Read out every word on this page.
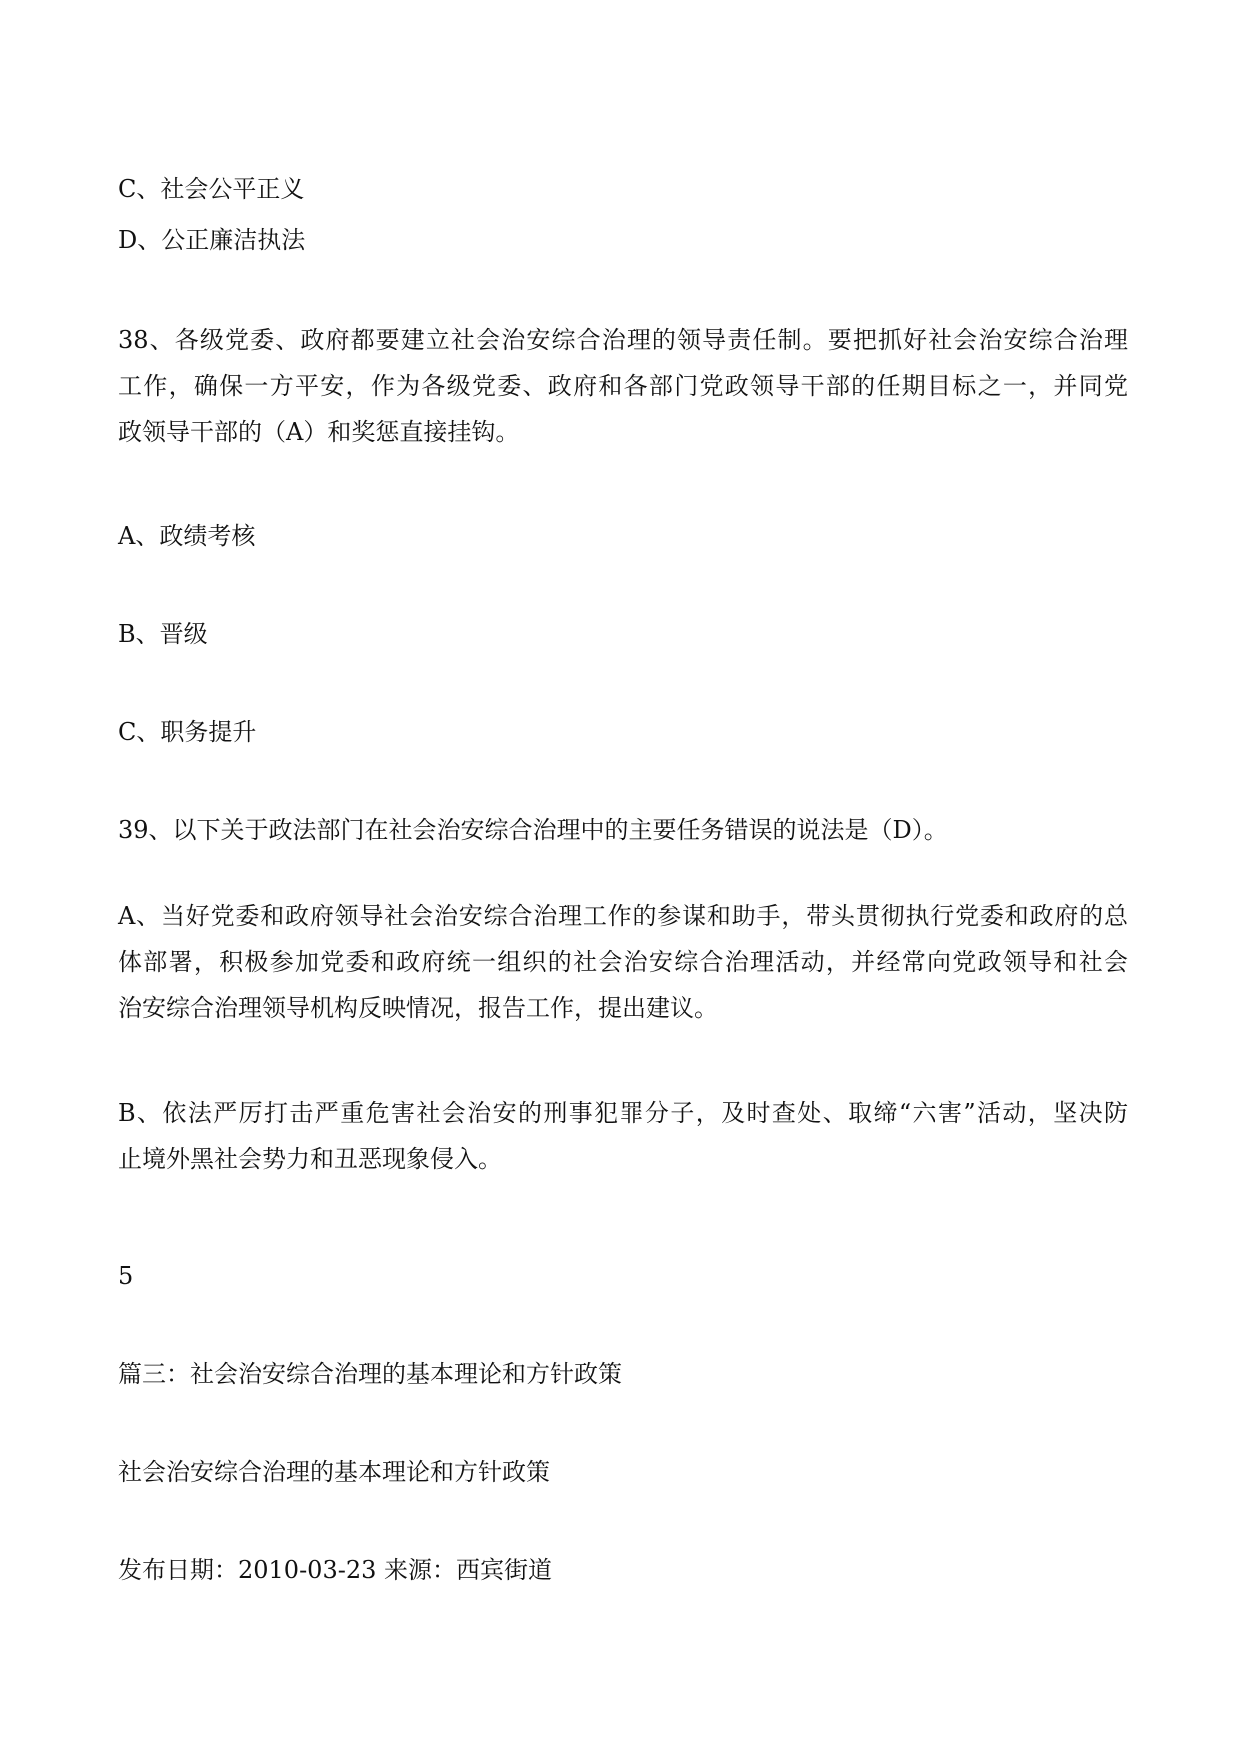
C、社会公平正义
D、公正廉洁执法
38、各级党委、政府都要建立社会治安综合治理的领导责任制。要把抓好社会治安综合治理
工作，确保一方平安，作为各级党委、政府和各部门党政领导干部的任期目标之一，并同党
政领导干部的（A）和奖惩直接挂钩。
A、政绩考核
B、晋级
C、职务提升
39、以下关于政法部门在社会治安综合治理中的主要任务错误的说法是（D）。
A、当好党委和政府领导社会治安综合治理工作的参谋和助手，带头贯彻执行党委和政府的总
体部署，积极参加党委和政府统一组织的社会治安综合治理活动，并经常向党政领导和社会
治安综合治理领导机构反映情况，报告工作，提出建议。
B、依法严厉打击严重危害社会治安的刑事犯罪分子，及时查处、取缔“六害”活动，坚决防
止境外黑社会势力和丑恶现象侵入。
5
篇三：社会治安综合治理的基本理论和方针政策
社会治安综合治理的基本理论和方针政策
发布日期：2010-03-23 来源：西宾街道
